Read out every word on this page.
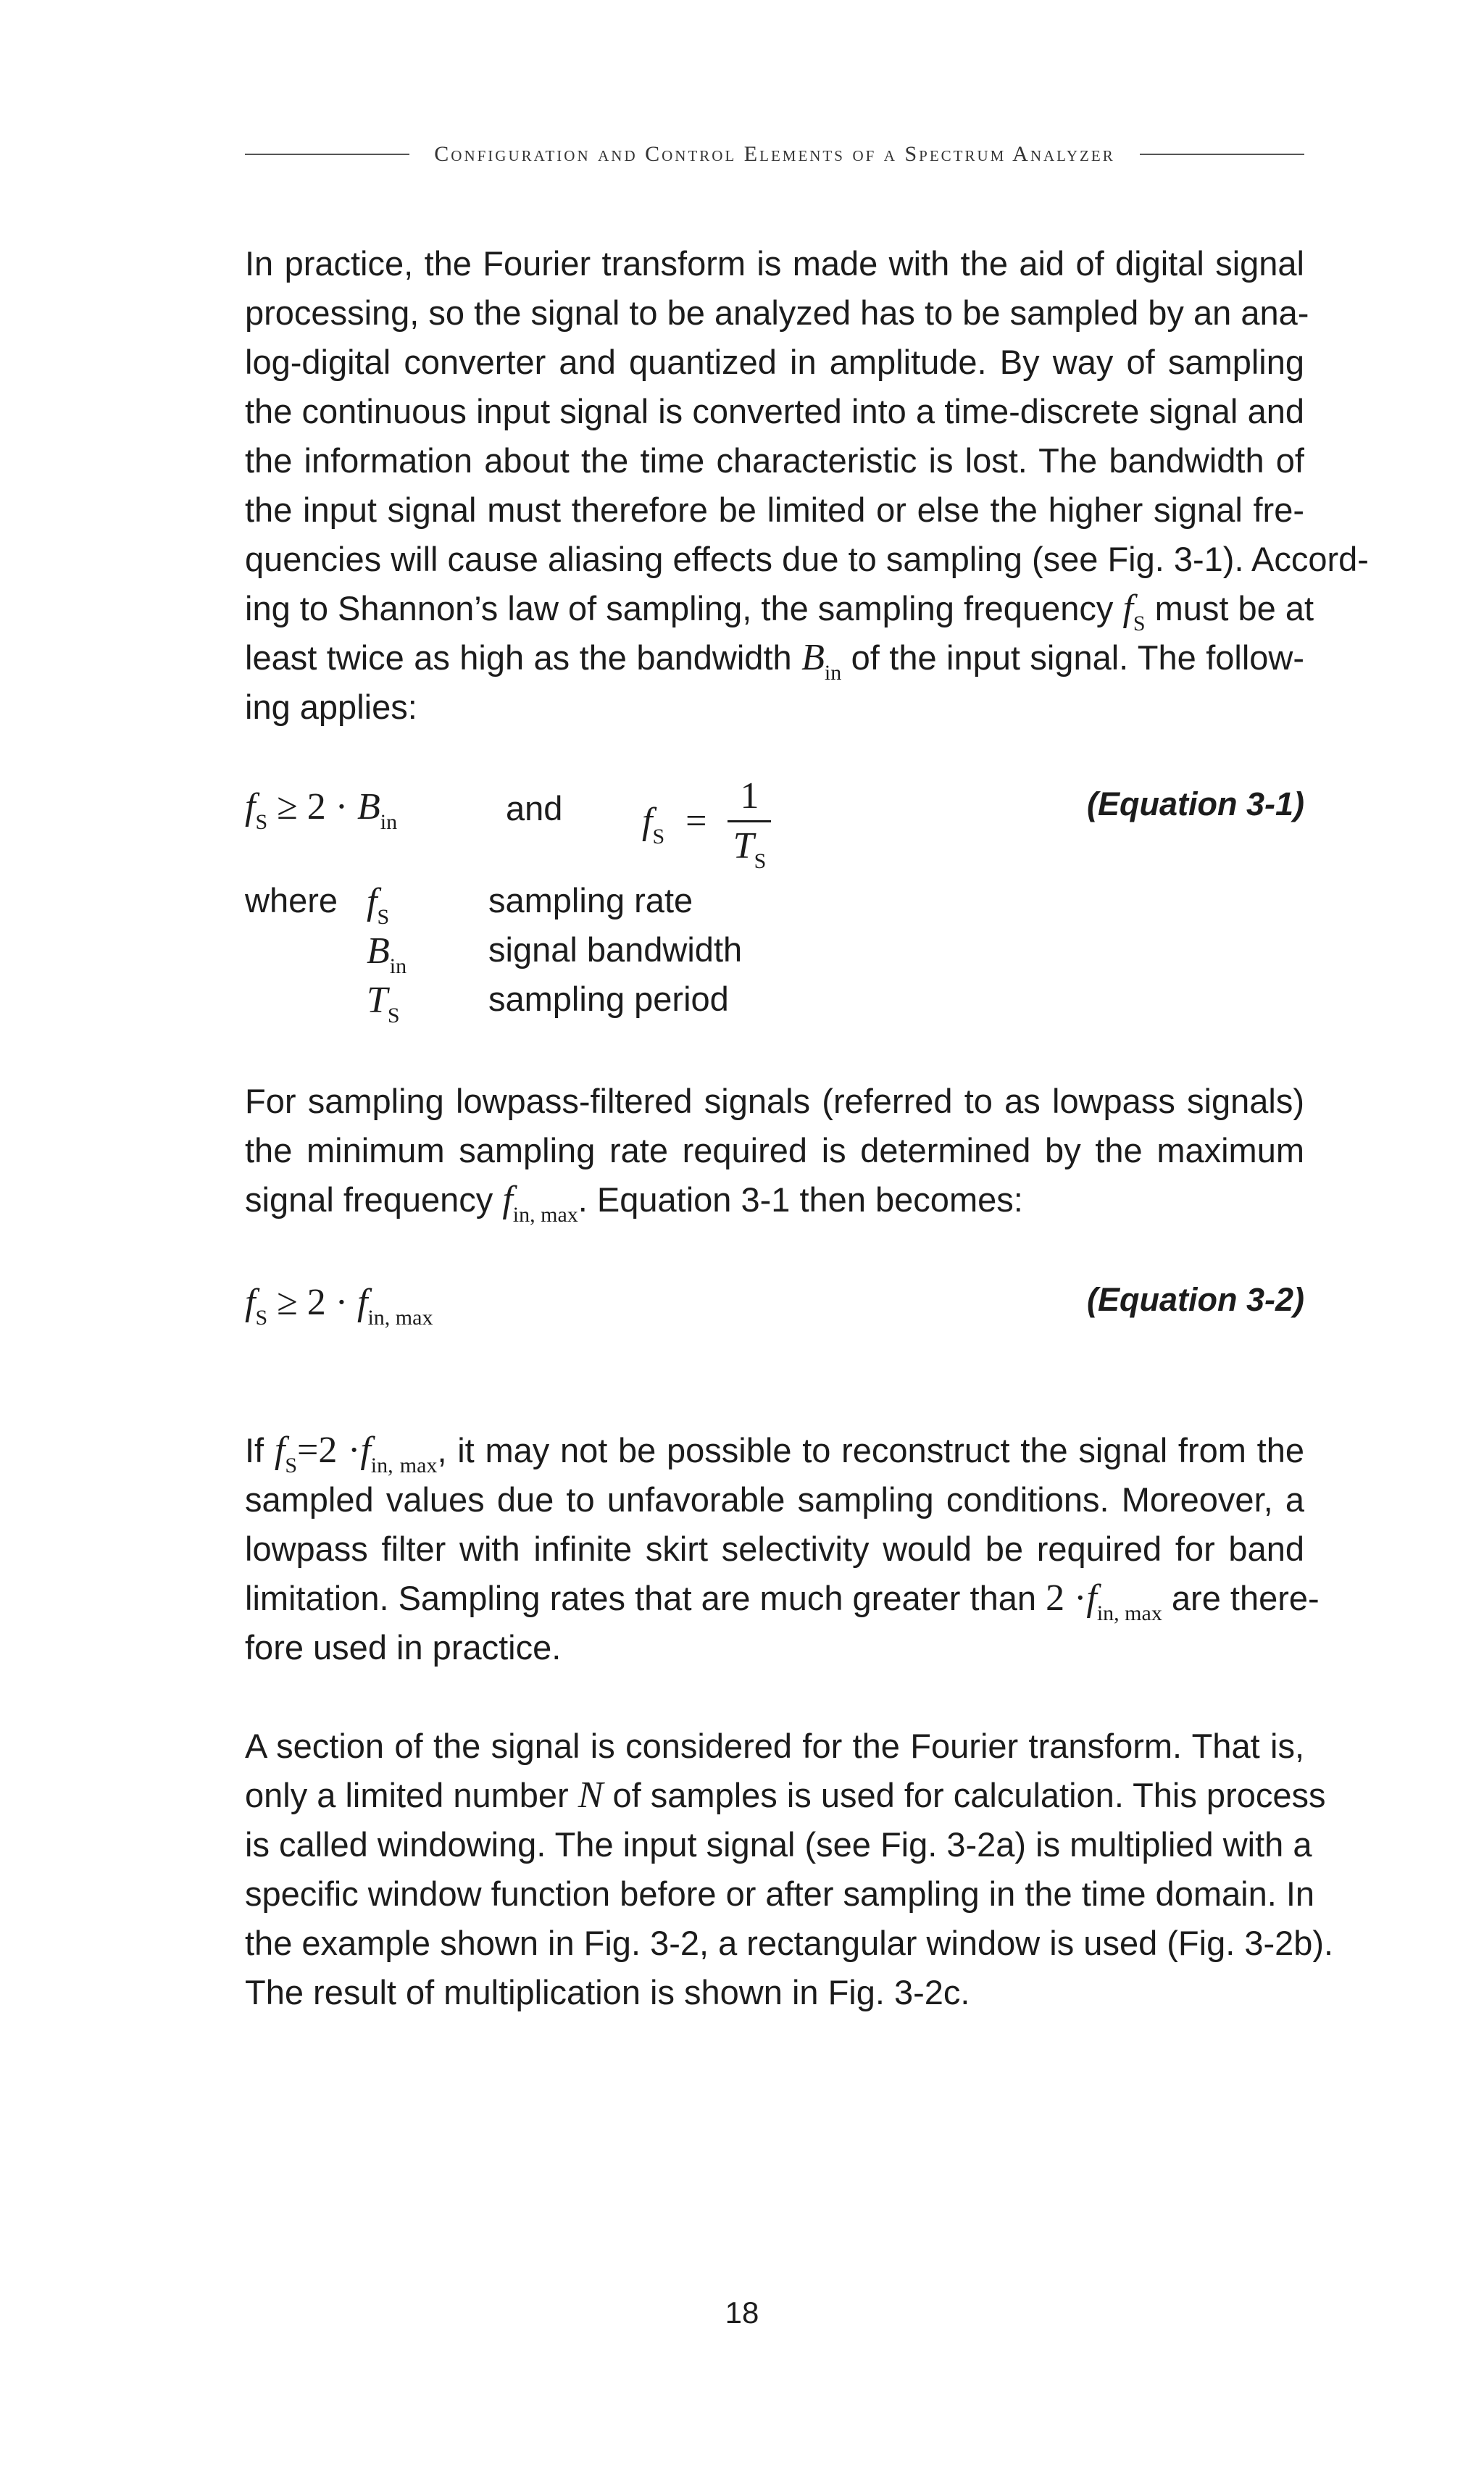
Configuration and Control Elements of a Spectrum Analyzer
In practice, the Fourier transform is made with the aid of digital signal
processing, so the signal to be analyzed has to be sampled by an ana-
log-digital converter and quantized in amplitude. By way of sampling
the continuous input signal is converted into a time-discrete signal and
the information about the time characteristic is lost. The bandwidth of
the input signal must therefore be limited or else the higher signal fre-
quencies will cause aliasing effects due to sampling (see Fig. 3-1). Accord-
ing to Shannon’s law of sampling, the sampling frequency $f_S$ must be at
least twice as high as the bandwidth $B_{in}$ of the input signal. The follow-
ing applies:
$f_S \ge 2 \cdot B_{in}$	and $f_S = \frac{1}{T_S}$	(Equation 3-1)
where $f_S$	sampling rate
$B_{in}$ signal bandwidth
$T_S$	sampling period
For sampling lowpass-filtered signals (referred to as lowpass signals)
the minimum sampling rate required is determined by the maximum
signal frequency $f_{in, max}$. Equation 3-1 then becomes:
$f_S \ge 2 \cdot f_{in, max}$	(Equation 3-2)
If $f_S=2 \cdot f_{in, max}$, it may not be possible to reconstruct the signal from the
sampled values due to unfavorable sampling conditions. Moreover, a
lowpass filter with infinite skirt selectivity would be required for band
limitation. Sampling rates that are much greater than $2 \cdot f_{in, max}$ are there-
fore used in practice.
A section of the signal is considered for the Fourier transform. That is,
only a limited number N of samples is used for calculation. This process
is called windowing. The input signal (see Fig. 3-2a) is multiplied with a
specific window function before or after sampling in the time domain. In
the example shown in Fig. 3-2, a rectangular window is used (Fig. 3-2b).
The result of multiplication is shown in Fig. 3-2c.
18
